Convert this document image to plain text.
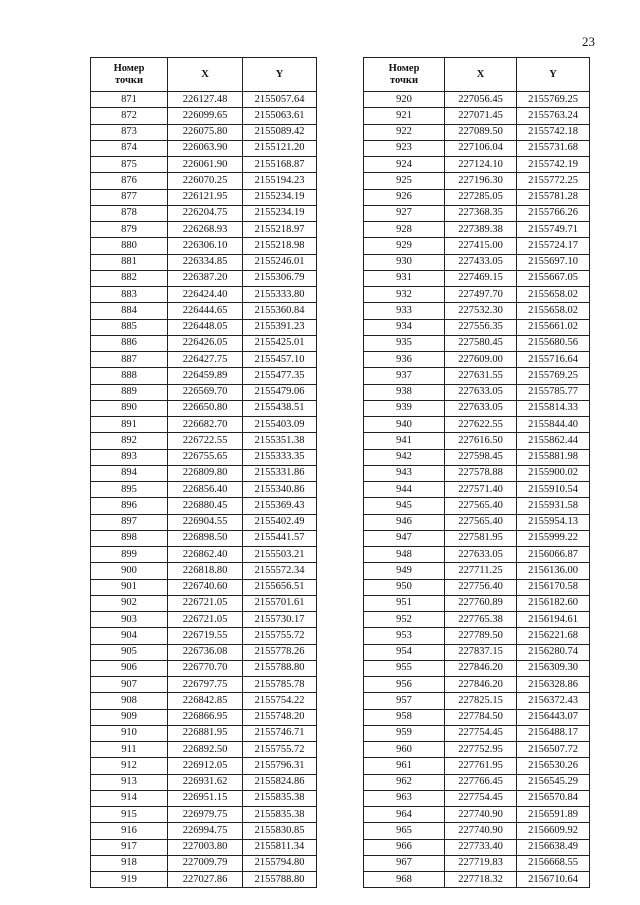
23
Номер
точки	X	Y
871	226127.48	2155057.64
872	226099.65	2155063.61
873	226075.80	2155089.42
874	226063.90	2155121.20
875	226061.90	2155168.87
876	226070.25	2155194.23
877	226121.95	2155234.19
878	226204.75	2155234.19
879	226268.93	2155218.97
880	226306.10	2155218.98
881	226334.85	2155246.01
882	226387.20	2155306.79
883	226424.40	2155333.80
884	226444.65	2155360.84
885	226448.05	2155391.23
886	226426.05	2155425.01
887	226427.75	2155457.10
888	226459.89	2155477.35
889	226569.70	2155479.06
890	226650.80	2155438.51
891	226682.70	2155403.09
892	226722.55	2155351.38
893	226755.65	2155333.35
894	226809.80	2155331.86
895	226856.40	2155340.86
896	226880.45	2155369.43
897	226904.55	2155402.49
898	226898.50	2155441.57
899	226862.40	2155503.21
900	226818.80	2155572.34
901	226740.60	2155656.51
902	226721.05	2155701.61
903	226721.05	2155730.17
904	226719.55	2155755.72
905	226736.08	2155778.26
906	226770.70	2155788.80
907	226797.75	2155785.78
908	226842.85	2155754.22
909	226866.95	2155748.20
910	226881.95	2155746.71
911	226892.50	2155755.72
912	226912.05	2155796.31
913	226931.62	2155824.86
914	226951.15	2155835.38
915	226979.75	2155835.38
916	226994.75	2155830.85
917	227003.80	2155811.34
918	227009.79	2155794.80
919	227027.86	2155788.80
Номер
точки	X	Y
920	227056.45	2155769.25
921	227071.45	2155763.24
922	227089.50	2155742.18
923	227106.04	2155731.68
924	227124.10	2155742.19
925	227196.30	2155772.25
926	227285.05	2155781.28
927	227368.35	2155766.26
928	227389.38	2155749.71
929	227415.00	2155724.17
930	227433.05	2155697.10
931	227469.15	2155667.05
932	227497.70	2155658.02
933	227532.30	2155658.02
934	227556.35	2155661.02
935	227580.45	2155680.56
936	227609.00	2155716.64
937	227631.55	2155769.25
938	227633.05	2155785.77
939	227633.05	2155814.33
940	227622.55	2155844.40
941	227616.50	2155862.44
942	227598.45	2155881.98
943	227578.88	2155900.02
944	227571.40	2155910.54
945	227565.40	2155931.58
946	227565.40	2155954.13
947	227581.95	2155999.22
948	227633.05	2156066.87
949	227711.25	2156136.00
950	227756.40	2156170.58
951	227760.89	2156182.60
952	227765.38	2156194.61
953	227789.50	2156221.68
954	227837.15	2156280.74
955	227846.20	2156309.30
956	227846.20	2156328.86
957	227825.15	2156372.43
958	227784.50	2156443.07
959	227754.45	2156488.17
960	227752.95	2156507.72
961	227761.95	2156530.26
962	227766.45	2156545.29
963	227754.45	2156570.84
964	227740.90	2156591.89
965	227740.90	2156609.92
966	227733.40	2156638.49
967	227719.83	2156668.55
968	227718.32	2156710.64
